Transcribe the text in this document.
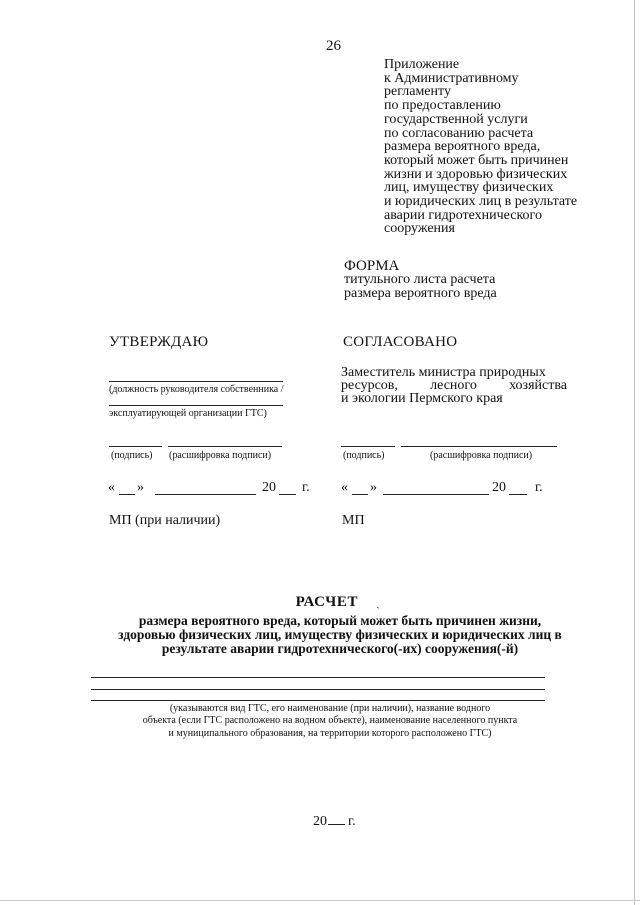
26
Приложение
к Административному
регламенту
по предоставлению
государственной услуги
по согласованию расчета
размера вероятного вреда,
который может быть причинен
жизни и здоровью физических
лиц, имуществу физических
и юридических лиц в результате
аварии гидротехнического
сооружения
ФОРМА
титульного листа расчета
размера вероятного вреда
УТВЕРЖДАЮ
(должность руководителя собственника /
эксплуатирующей организации ГТС)
(подпись) (расшифровка подписи)
« »	20 г.
МП (при наличии)
СОГЛАСОВАНО
Заместитель министра природных
ресурсов, лесного хозяйства
и экологии Пермского края
(подпись)	(расшифровка подписи)
« »	20 г.
МП
РАСЧЕТ ˏ
размера вероятного вреда, который может быть причинен жизни,
здоровью физических лиц, имуществу физических и юридических лиц в
результате аварии гидротехнического(-их) сооружения(-й)
(указываются вид ГТС, его наименование (при наличии), название водного
объекта (если ГТС расположено на водном объекте), наименование населенного пункта
и муниципального образования, на территории которого расположено ГТС)
20 г.
